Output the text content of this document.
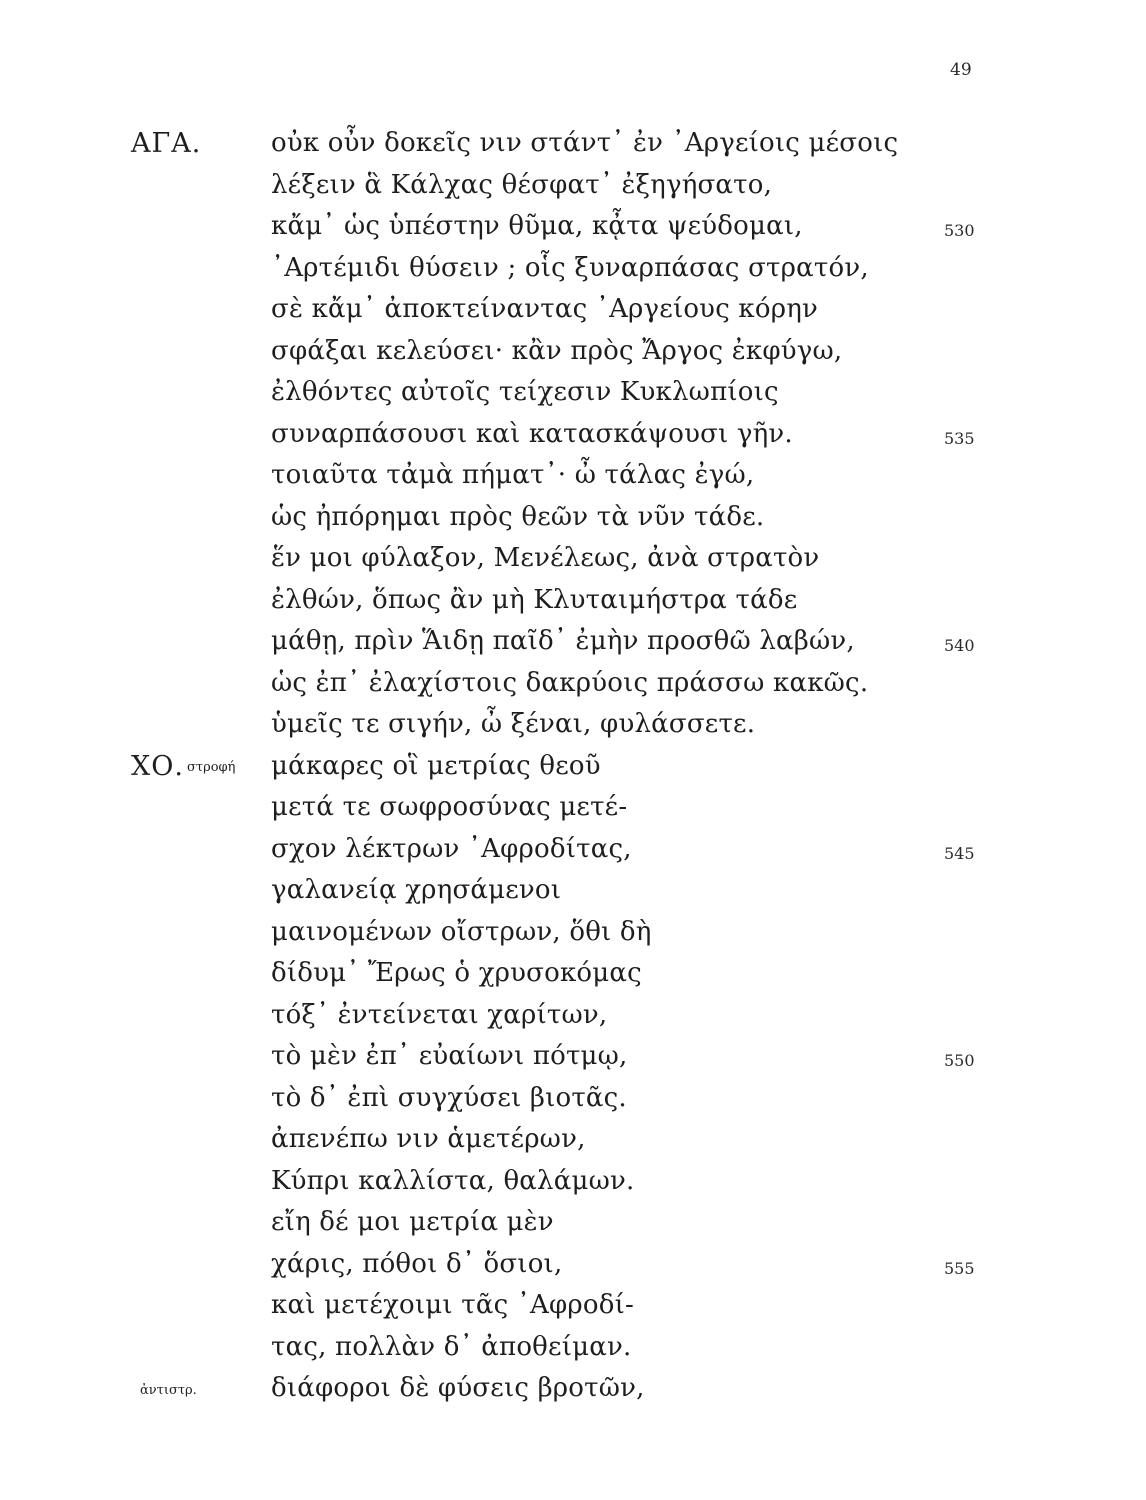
49
ΑΓΑ.	οὐκ οὖν δοκεῖς νιν στάντ᾽ ἐν ᾽Αργείοις μέσοις
λέξειν ἃ Κάλχας θέσφατ᾽ ἐξηγήσατο,
κἄμ᾽ ὡς ὑπέστην θῦμα, κᾆτα ψεύδομαι,	530
᾽Αρτέμιδι θύσειν ; οἷς ξυναρπάσας στρατόν,
σὲ κἄμ᾽ ἀποκτείναντας ᾽Αργείους κόρην
σφάξαι κελεύσει· κἂν πρὸς Ἄργος ἐκφύγω,
ἐλθόντες αὐτοῖς τείχεσιν Κυκλωπίοις
συναρπάσουσι καὶ κατασκάψουσι γῆν.	535
τοιαῦτα τἀμὰ πήματ᾽· ὦ τάλας ἐγώ,
ὡς ἠπόρημαι πρὸς θεῶν τὰ νῦν τάδε.
ἕν μοι φύλαξον, Μενέλεως, ἀνὰ στρατὸν
ἐλθών, ὅπως ἂν μὴ Κλυταιμήστρα τάδε
μάθῃ, πρὶν Ἅιδῃ παῖδ᾽ ἐμὴν προσθῶ λαβών,	540
ὡς ἐπ᾽ ἐλαχίστοις δακρύοις πράσσω κακῶς.
ὑμεῖς τε σιγήν, ὦ ξέναι, φυλάσσετε.
ΧΟ. στροφή μάκαρες οἳ μετρίας θεοῦ
μετά τε σωφροσύνας μετέ-
σχον λέκτρων ᾽Αφροδίτας,	545
γαλανείᾳ χρησάμενοι
μαινομένων οἴστρων, ὅθι δὴ
δίδυμ᾽ Ἔρως ὁ χρυσοκόμας
τόξ᾽ ἐντείνεται χαρίτων,
τὸ μὲν ἐπ᾽ εὐαίωνι πότμῳ,	550
τὸ δ᾽ ἐπὶ συγχύσει βιοτᾶς.
ἀπενέπω νιν ἁμετέρων,
Κύπρι καλλίστα, θαλάμων.
εἴη δέ μοι μετρία μὲν
χάρις, πόθοι δ᾽ ὅσιοι,	555
καὶ μετέχοιμι τᾶς ᾽Αφροδί-
τας, πολλὰν δ᾽ ἀποθείμαν.
ἀντιστρ.	διάφοροι δὲ φύσεις βροτῶν,
